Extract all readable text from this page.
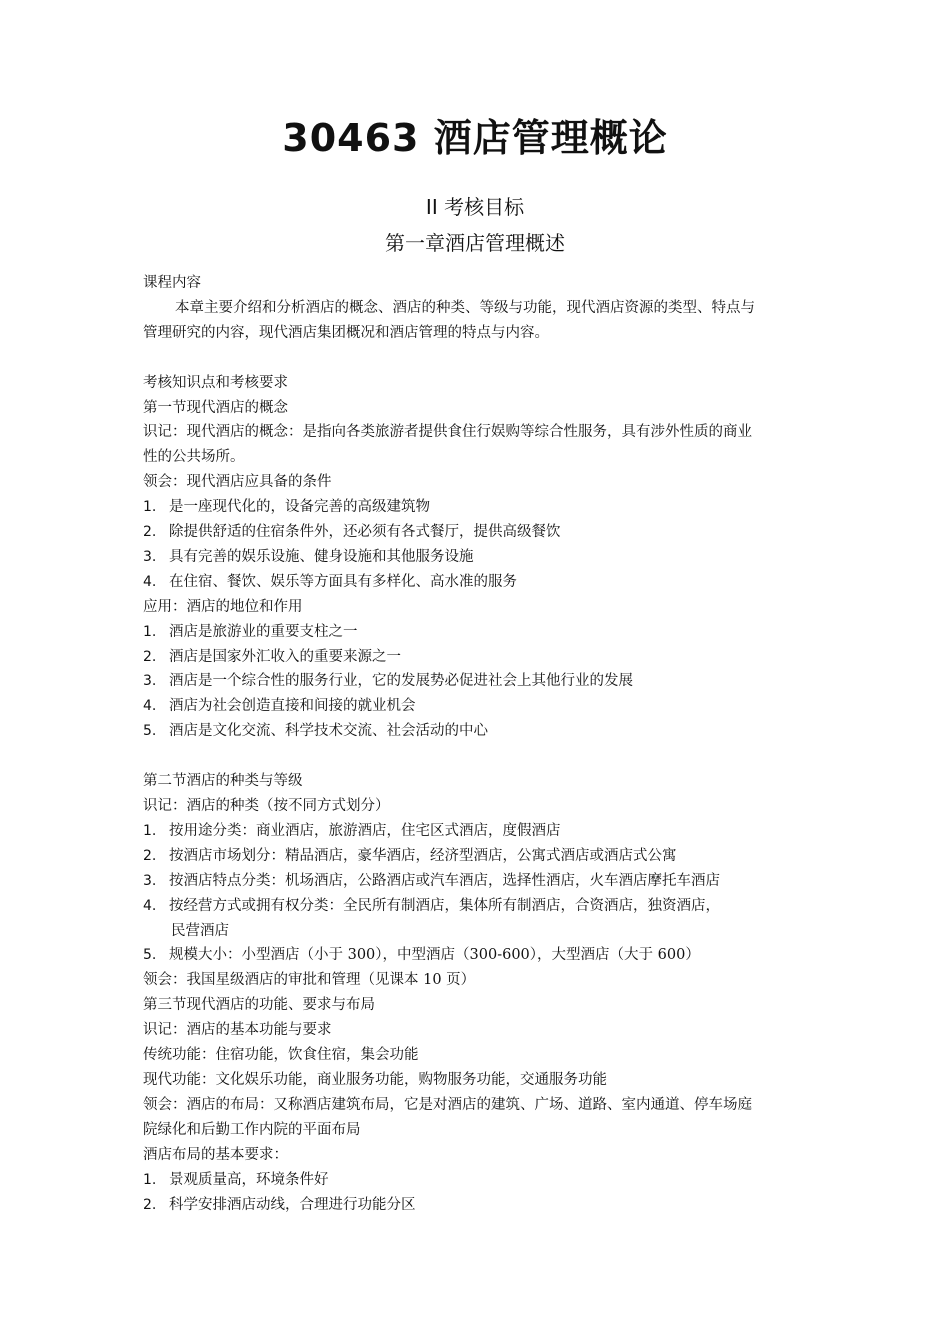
30463 酒店管理概论
II 考核目标
第一章酒店管理概述
课程内容
本章主要介绍和分析酒店的概念、酒店的种类、等级与功能，现代酒店资源的类型、特点与
管理研究的内容，现代酒店集团概况和酒店管理的特点与内容。
考核知识点和考核要求
第一节现代酒店的概念
识记：现代酒店的概念：是指向各类旅游者提供食住行娱购等综合性服务，具有涉外性质的商业
性的公共场所。
领会：现代酒店应具备的条件
1. 是一座现代化的，设备完善的高级建筑物
2. 除提供舒适的住宿条件外，还必须有各式餐厅，提供高级餐饮
3. 具有完善的娱乐设施、健身设施和其他服务设施
4. 在住宿、餐饮、娱乐等方面具有多样化、高水准的服务
应用：酒店的地位和作用
1. 酒店是旅游业的重要支柱之一
2. 酒店是国家外汇收入的重要来源之一
3. 酒店是一个综合性的服务行业，它的发展势必促进社会上其他行业的发展
4. 酒店为社会创造直接和间接的就业机会
5. 酒店是文化交流、科学技术交流、社会活动的中心
第二节酒店的种类与等级
识记：酒店的种类（按不同方式划分）
1. 按用途分类：商业酒店，旅游酒店，住宅区式酒店，度假酒店
2. 按酒店市场划分：精品酒店，豪华酒店，经济型酒店，公寓式酒店或酒店式公寓
3. 按酒店特点分类：机场酒店，公路酒店或汽车酒店，选择性酒店，火车酒店摩托车酒店
4. 按经营方式或拥有权分类：全民所有制酒店，集体所有制酒店，合资酒店，独资酒店，
民营酒店
5. 规模大小：小型酒店（小于 300），中型酒店（300-600），大型酒店（大于 600）
领会：我国星级酒店的审批和管理（见课本 10 页）
第三节现代酒店的功能、要求与布局
识记：酒店的基本功能与要求
传统功能：住宿功能，饮食住宿，集会功能
现代功能：文化娱乐功能，商业服务功能，购物服务功能，交通服务功能
领会：酒店的布局：又称酒店建筑布局，它是对酒店的建筑、广场、道路、室内通道、停车场庭
院绿化和后勤工作内院的平面布局
酒店布局的基本要求：
1. 景观质量高，环境条件好
2. 科学安排酒店动线，合理进行功能分区
